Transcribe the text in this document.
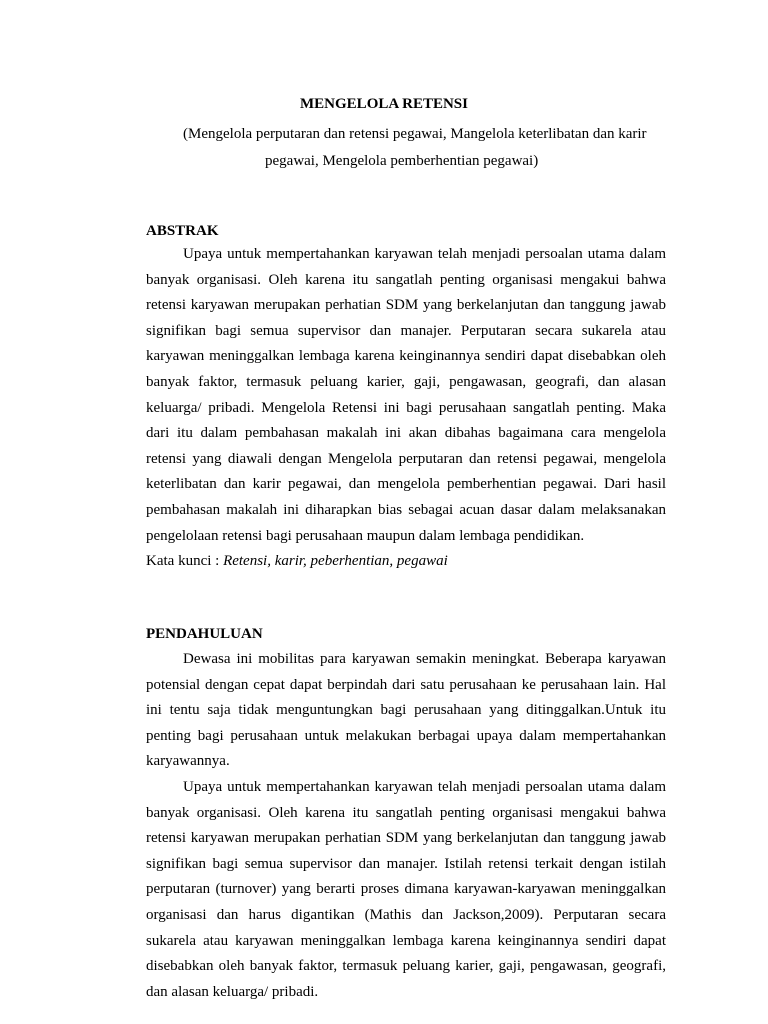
MENGELOLA RETENSI
(Mengelola perputaran dan retensi pegawai, Mangelola keterlibatan dan karir
pegawai, Mengelola pemberhentian pegawai)
ABSTRAK

Upaya untuk mempertahankan karyawan telah menjadi persoalan utama dalam banyak organisasi. Oleh karena itu sangatlah penting organisasi mengakui bahwa retensi karyawan merupakan perhatian SDM yang berkelanjutan dan tanggung jawab signifikan bagi semua supervisor dan manajer. Perputaran secara sukarela atau karyawan meninggalkan lembaga karena keinginannya sendiri dapat disebabkan oleh banyak faktor, termasuk peluang karier, gaji, pengawasan, geografi, dan alasan keluarga/ pribadi. Mengelola Retensi ini bagi perusahaan sangatlah penting. Maka dari itu dalam pembahasan makalah ini akan dibahas bagaimana cara mengelola retensi yang diawali dengan Mengelola perputaran dan retensi pegawai, mengelola keterlibatan dan karir pegawai, dan mengelola pemberhentian pegawai. Dari hasil pembahasan makalah ini diharapkan bias sebagai acuan dasar dalam melaksanakan pengelolaan retensi bagi perusahaan maupun dalam lembaga pendidikan.

Kata kunci : Retensi, karir, peberhentian, pegawai

PENDAHULUAN

Dewasa ini mobilitas para karyawan semakin meningkat. Beberapa karyawan potensial dengan cepat dapat berpindah dari satu perusahaan ke perusahaan lain. Hal ini tentu saja tidak menguntungkan bagi perusahaan yang ditinggalkan.Untuk itu penting bagi perusahaan untuk melakukan berbagai upaya dalam mempertahankan karyawannya.

Upaya untuk mempertahankan karyawan telah menjadi persoalan utama dalam banyak organisasi. Oleh karena itu sangatlah penting organisasi mengakui bahwa retensi karyawan merupakan perhatian SDM yang berkelanjutan dan tanggung jawab signifikan bagi semua supervisor dan manajer. Istilah retensi terkait dengan istilah perputaran (turnover) yang berarti proses dimana karyawan-karyawan meninggalkan organisasi dan harus digantikan (Mathis dan Jackson,2009). Perputaran secara sukarela atau karyawan meninggalkan lembaga karena keinginannya sendiri dapat disebabkan oleh banyak faktor, termasuk peluang karier, gaji, pengawasan, geografi, dan alasan keluarga/ pribadi.
